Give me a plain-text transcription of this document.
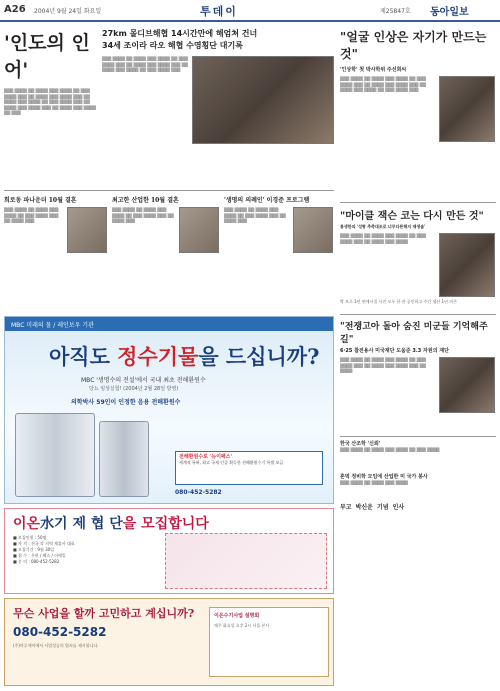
A26 2004년 9월 24일 화요일	투데이	제25847호 동아일보
'인도의 인어'
▒▒▒ ▒▒▒▒ ▒▒ ▒▒▒▒ ▒▒▒ ▒▒▒▒ ▒▒ ▒▒▒ ▒▒▒▒ ▒▒▒ ▒▒ ▒▒▒▒ ▒▒▒ ▒▒▒▒ ▒▒▒ ▒▒ ▒▒▒▒ ▒▒▒ ▒▒▒▒ ▒▒ ▒▒▒ ▒▒▒▒ ▒▒▒ ▒▒ ▒▒▒▒ ▒▒▒ ▒▒▒▒ ▒▒▒ ▒▒ ▒▒▒▒ ▒▒▒ ▒▒▒▒ ▒▒ ▒▒▒
27km 몰디브해협 14시간만에 해엄쳐 건너
34세 조이라 라오 해협 수영횡단 대기록
▒▒▒ ▒▒▒▒ ▒▒ ▒▒▒▒ ▒▒▒ ▒▒▒▒ ▒▒ ▒▒▒ ▒▒▒▒ ▒▒▒ ▒▒ ▒▒▒▒ ▒▒▒ ▒▒▒▒ ▒▒▒ ▒▒ ▒▒▒▒ ▒▒▒ ▒▒▒▒ ▒▒ ▒▒▒ ▒▒▒▒ ▒▒▒
희로동 파나운더 10월 결혼
▒▒▒ ▒▒▒▒ ▒▒ ▒▒▒▒ ▒▒▒ ▒▒▒▒ ▒▒ ▒▒▒ ▒▒▒▒ ▒▒▒ ▒▒ ▒▒▒▒ ▒▒▒
최고한 산업한 10월 결혼
▒▒▒ ▒▒▒▒ ▒▒ ▒▒▒▒ ▒▒▒ ▒▒▒▒ ▒▒ ▒▒▒ ▒▒▒▒ ▒▒▒ ▒▒ ▒▒▒▒ ▒▒▒
'생명의 의례인' 이경준 프로그램
▒▒▒ ▒▒▒▒ ▒▒ ▒▒▒▒ ▒▒▒ ▒▒▒▒ ▒▒ ▒▒▒ ▒▒▒▒ ▒▒▒ ▒▒ ▒▒▒▒ ▒▒▒
MBC 미래의 물 / 레인보우 기관
아직도 정수기물을 드십니까?
MBC '생명수의 전설'에서 국내 최초 전해환원수
당뇨 임상실험! (2004년 2월 28일 방영)
의학박사 59인이 인정한 음용 전해환원수
전해환원수로 '뉴이팩스'
세계적 특허, 최고 국제 인증 획득한 전해환원수기 특별 보급
080-452-5282
이온水기 제 협 단을 모집합니다
■ 모집인원 : 50명
■ 자 격 : 전국 각 지역 제휴사 대표
■ 모집기간 : 9월 30일
■ 접 수 : 우편 / 팩스 / 이메일
■ 문 의 : 080-452-5282
무슨 사업을 할까 고민하고 계십니까?
080-452-5282
(주)마루케어에서 사업성공의 열쇠를 제시합니다.
이온수기사업 설명회
매주 화요일 오후 2시 서울 본사
"얼굴 인상은 자기가 만드는 것"
'인상학' 첫 박사학위 주선희씨
▒▒▒ ▒▒▒▒ ▒▒ ▒▒▒▒ ▒▒▒ ▒▒▒▒ ▒▒ ▒▒▒ ▒▒▒▒ ▒▒▒ ▒▒ ▒▒▒▒ ▒▒▒ ▒▒▒▒ ▒▒▒ ▒▒ ▒▒▒▒ ▒▒▒ ▒▒▒▒ ▒▒ ▒▒▒ ▒▒▒▒ ▒▒▒
"마이클 잭슨 코는 다시 만든 것"
통생한의 '성형 추측대조로 너무다튼해지 재생술'
▒▒▒ ▒▒▒▒ ▒▒ ▒▒▒▒ ▒▒▒ ▒▒▒▒ ▒▒ ▒▒▒ ▒▒▒▒ ▒▒▒ ▒▒ ▒▒▒▒ ▒▒▒ ▒▒▒▒
박 브로 1년 연애시절 사진 모두 한 관 공인하고 주간 생산 1년 의존
"전쟁고아 돌아 숨진 미군들 기억해주길"
6·25 참전용사 미국재단 도움준 3.3 자원의 재단
▒▒▒ ▒▒▒▒ ▒▒ ▒▒▒▒ ▒▒▒ ▒▒▒▒ ▒▒ ▒▒▒ ▒▒▒▒ ▒▒▒ ▒▒ ▒▒▒▒ ▒▒▒ ▒▒▒▒ ▒▒▒ ▒▒ ▒▒▒▒
한국 산조학 '신뢰'
▒▒▒ ▒▒▒▒ ▒▒ ▒▒▒▒ ▒▒▒ ▒▒▒▒ ▒▒ ▒▒▒ ▒▒▒▒
흔벅 정비학 모임에 산업한 미 국가 봉사
▒▒▒ ▒▒▒▒ ▒▒ ▒▒▒▒ ▒▒▒ ▒▒▒▒
부고 박신운 기념 인사
